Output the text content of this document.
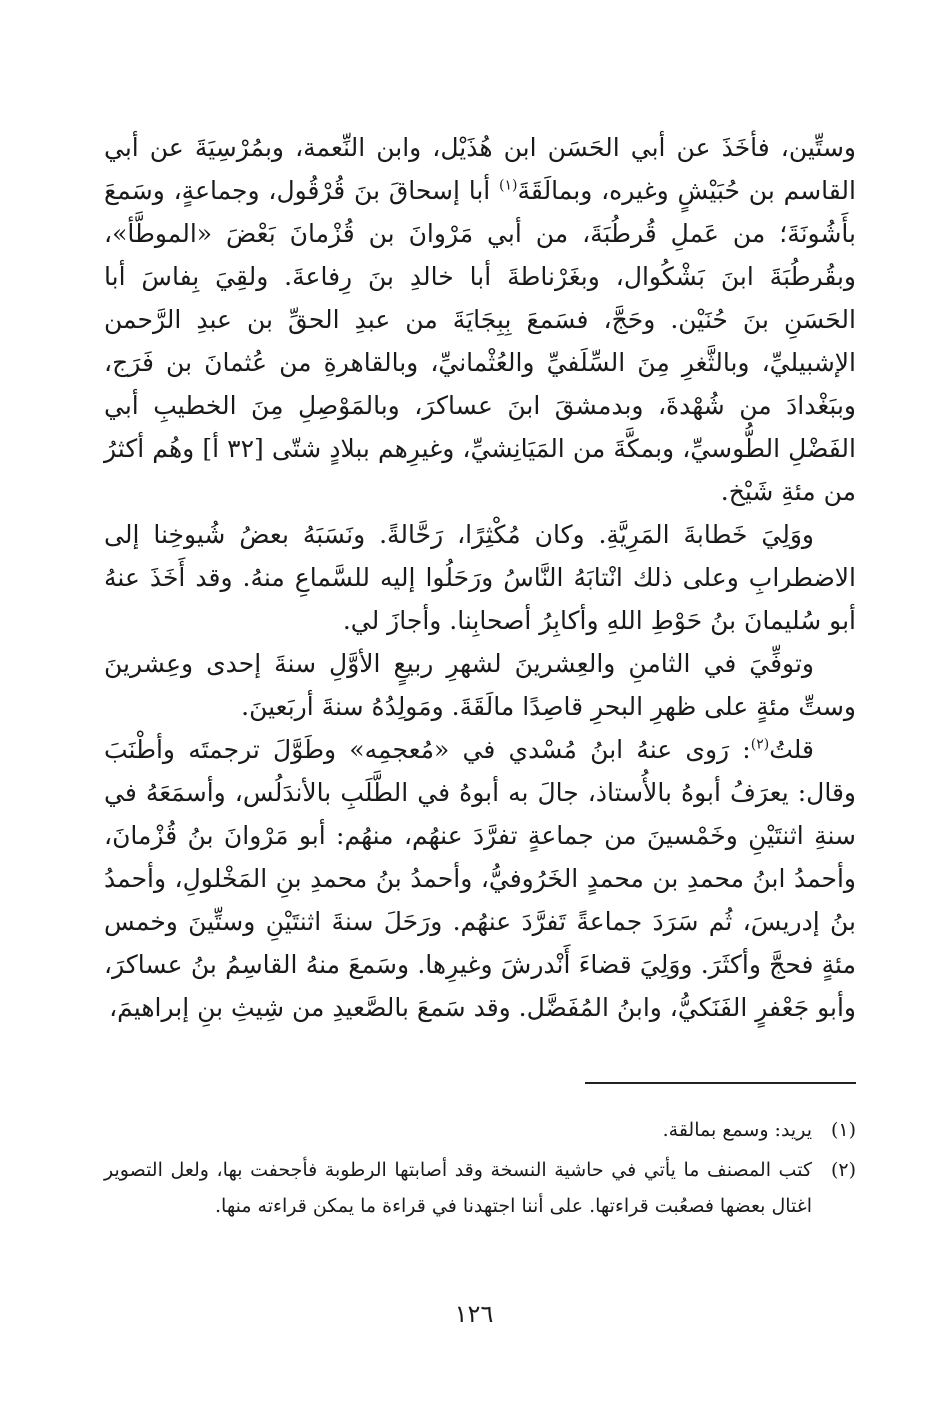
وستِّين، فأخَذَ عن أبي الحَسَن ابن هُذَيْل، وابن النِّعمة، وبمُرْسِيَةَ عن أبي القاسم بن حُبَيْشٍ وغيره، وبمالَقَةَ$^{(١)}$ أبا إسحاقَ بنَ قُرْقُول، وجماعةٍ، وسَمعَ بأَشُونَةَ؛ من عَملِ قُرطُبَةَ، من أبي مَرْوانَ بن قُزْمانَ بَعْضَ «الموطَّأ»، وبقُرطُبَةَ ابنَ بَشْكُوال، وبغَرْناطةَ أبا خالدِ بنَ رِفاعةَ. ولقِيَ بِفاسَ أبا الحَسَنِ بنَ حُنَيْن. وحَجَّ، فسَمعَ بِبِجَايَةَ من عبدِ الحقِّ بن عبدِ الرَّحمن الإشبيليِّ، وبالثَّغرِ مِنَ السِّلَفيِّ والعُثْمانيِّ، وبالقاهرةِ من عُثمانَ بن فَرَج، وببَغْدادَ من شُهْدةَ، وبدمشقَ ابنَ عساكرَ، وبالمَوْصِلِ مِنَ الخطيبِ أبي الفَضْلِ الطُّوسيِّ، وبمكَّةَ من المَيَانِشيِّ، وغيرِهم ببلادٍ شتّى [٣٢ أ] وهُم أكثرُ من مئةِ شَيْخ.

ووَلِيَ خَطابةَ المَرِيَّةِ. وكان مُكْثِرًا، رَحَّالةً. ونَسَبَهُ بعضُ شُيوخِنا إلى الاضطرابِ وعلى ذلك انْتابَهُ النَّاسُ ورَحَلُوا إليه للسَّماعِ منهُ. وقد أَخَذَ عنهُ أبو سُليمانَ بنُ حَوْطِ اللهِ وأكابِرُ أصحابِنا. وأجازَ لي.

وتوفِّيَ في الثامنِ والعِشرينَ لشهرِ ربيعٍ الأوَّلِ سنةَ إحدى وعِشرينَ وستِّ مئةٍ على ظهرِ البحرِ قاصِدًا مالَقَةَ. ومَولِدُهُ سنةَ أربَعينَ.

قلتُ$^{(٢)}$: رَوى عنهُ ابنُ مُسْدي في «مُعجمِه» وطَوَّلَ ترجمتَه وأطْنَبَ وقال: يعرَفُ أبوهُ بالأُستاذ، جالَ به أبوهُ في الطَّلَبِ بالأندَلُس، وأسمَعَهُ في سنةِ اثنتَيْنِ وخَمْسينَ من جماعةٍ تفرَّدَ عنهُم، منهُم: أبو مَرْوانَ بنُ قُزْمانَ، وأحمدُ ابنُ محمدِ بن محمدٍ الخَرُوفيُّ، وأحمدُ بنُ محمدِ بنِ المَخْلولِ، وأحمدُ بنُ إدريسَ، ثُم سَرَدَ جماعةً تَفرَّدَ عنهُم. ورَحَلَ سنةَ اثنتَيْنِ وستِّينَ وخمس مئةٍ فحجَّ وأكثَرَ. ووَلِيَ قضاءَ أَنْدرشَ وغيرِها. وسَمعَ منهُ القاسِمُ بنُ عساكرَ، وأبو جَعْفرٍ الفَنَكيُّ، وابنُ المُفَضَّل. وقد سَمعَ بالصَّعيدِ من شِيثِ بنِ إبراهيمَ،

(١)
يريد: وسمع بمالقة.
(٢)
كتب المصنف ما يأتي في حاشية النسخة وقد أصابتها الرطوبة فأجحفت بها، ولعل التصوير اغتال بعضها فصعُبت قراءتها. على أننا اجتهدنا في قراءة ما يمكن قراءته منها.
١٢٦
